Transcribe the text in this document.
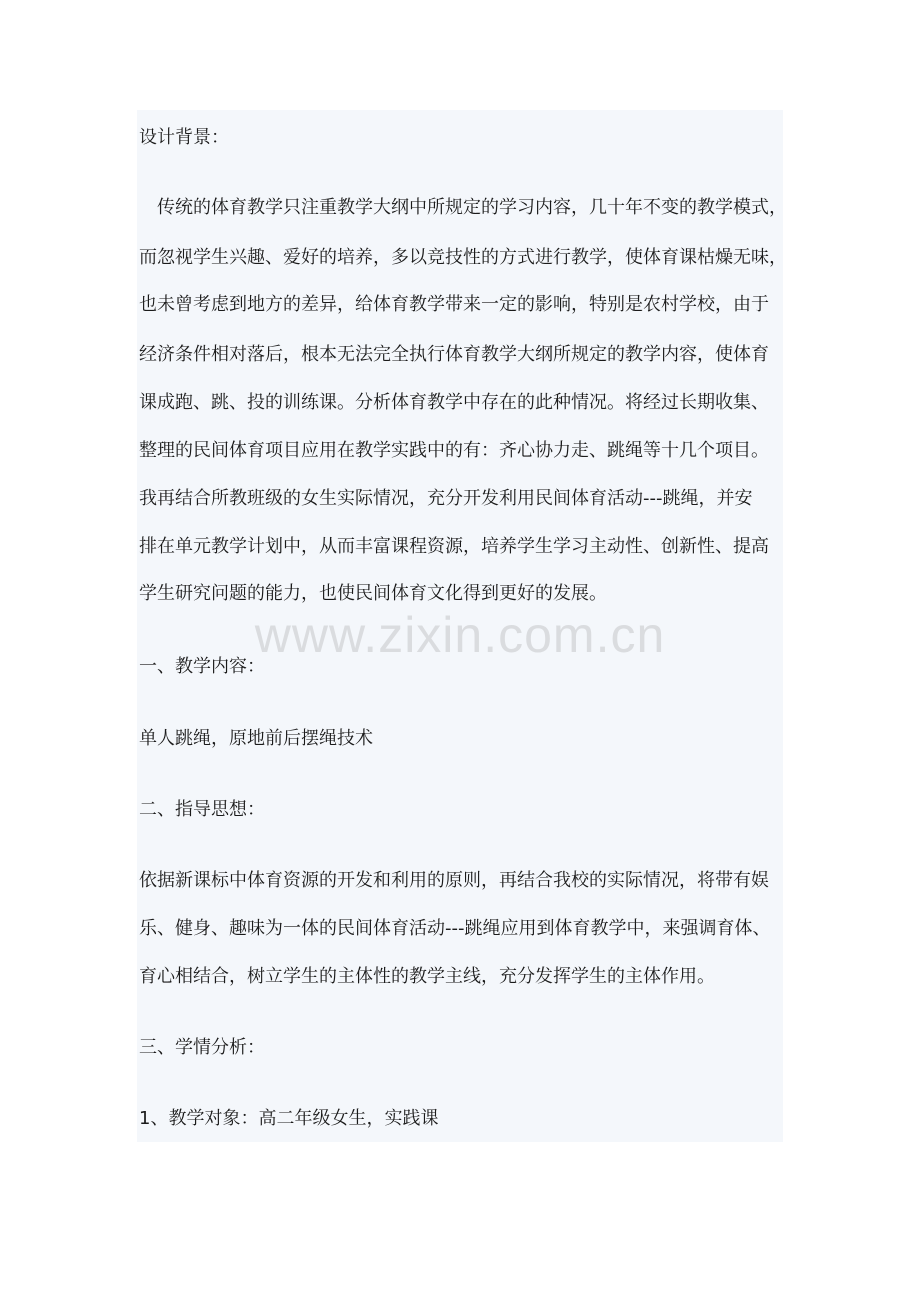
设计背景：
　传统的体育教学只注重教学大纲中所规定的学习内容，几十年不变的教学模式，
而忽视学生兴趣、爱好的培养，多以竞技性的方式进行教学，使体育课枯燥无味，
也未曾考虑到地方的差异，给体育教学带来一定的影响，特别是农村学校，由于
经济条件相对落后，根本无法完全执行体育教学大纲所规定的教学内容，使体育
课成跑、跳、投的训练课。分析体育教学中存在的此种情况。将经过长期收集、
整理的民间体育项目应用在教学实践中的有：齐心协力走、跳绳等十几个项目。
我再结合所教班级的女生实际情况，充分开发利用民间体育活动---跳绳，并安
排在单元教学计划中，从而丰富课程资源，培养学生学习主动性、创新性、提高
学生研究问题的能力，也使民间体育文化得到更好的发展。
www.zixin.com.cn
一、教学内容：
单人跳绳，原地前后摆绳技术
二、指导思想：
依据新课标中体育资源的开发和利用的原则，再结合我校的实际情况，将带有娱
乐、健身、趣味为一体的民间体育活动---跳绳应用到体育教学中，来强调育体、
育心相结合，树立学生的主体性的教学主线，充分发挥学生的主体作用。
三、学情分析：
1、教学对象：高二年级女生，实践课
